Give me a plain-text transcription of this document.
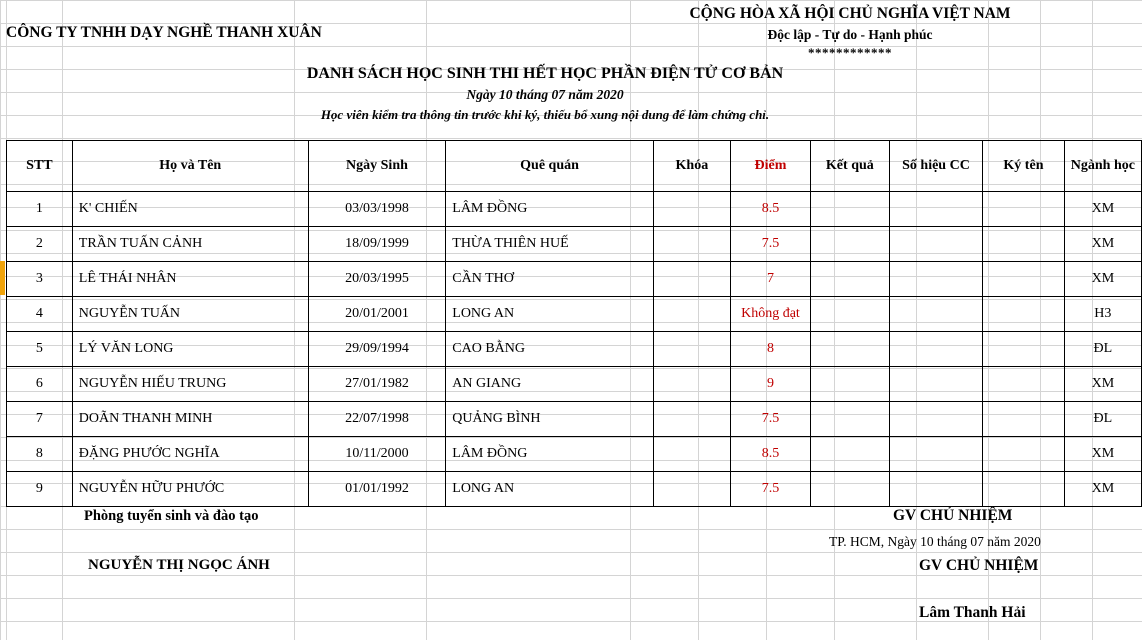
CÔNG TY TNHH DẠY NGHỀ THANH XUÂN
CỘNG HÒA XÃ HỘI CHỦ NGHĨA VIỆT NAM
Độc lập - Tự do - Hạnh phúc
************
DANH SÁCH HỌC SINH THI HẾT HỌC PHẦN ĐIỆN TỬ CƠ BẢN
Ngày 10 tháng 07 năm 2020
Học viên kiểm tra thông tin trước khi ký, thiếu bổ xung nội dung để làm chứng chỉ.
STT	Họ và Tên	Ngày Sinh	Quê quán	Khóa	Điểm	Kết quả	Số hiệu CC	Ký tên	Ngành học
1	K' CHIẾN	03/03/1998	LÂM ĐỒNG		8.5				XM
2	TRẦN TUẤN CẢNH	18/09/1999	THỪA THIÊN HUẾ		7.5				XM
3	LÊ THÁI NHÂN	20/03/1995	CẦN THƠ		7				XM
4	NGUYỄN TUẤN	20/01/2001	LONG AN		Không đạt				H3
5	LÝ VĂN LONG	29/09/1994	CAO BẰNG		8				ĐL
6	NGUYỄN HIẾU TRUNG	27/01/1982	AN GIANG		9				XM
7	DOÃN THANH MINH	22/07/1998	QUẢNG BÌNH		7.5				ĐL
8	ĐẶNG PHƯỚC NGHĨA	10/11/2000	LÂM ĐỒNG		8.5				XM
9	NGUYỄN HỮU PHƯỚC	01/01/1992	LONG AN		7.5				XM
Phòng tuyển sinh và đào tạo
NGUYỄN THỊ NGỌC ÁNH
GV CHỦ NHIỆM
TP. HCM, Ngày 10 tháng 07 năm 2020
GV CHỦ NHIỆM
Lâm Thanh Hải
